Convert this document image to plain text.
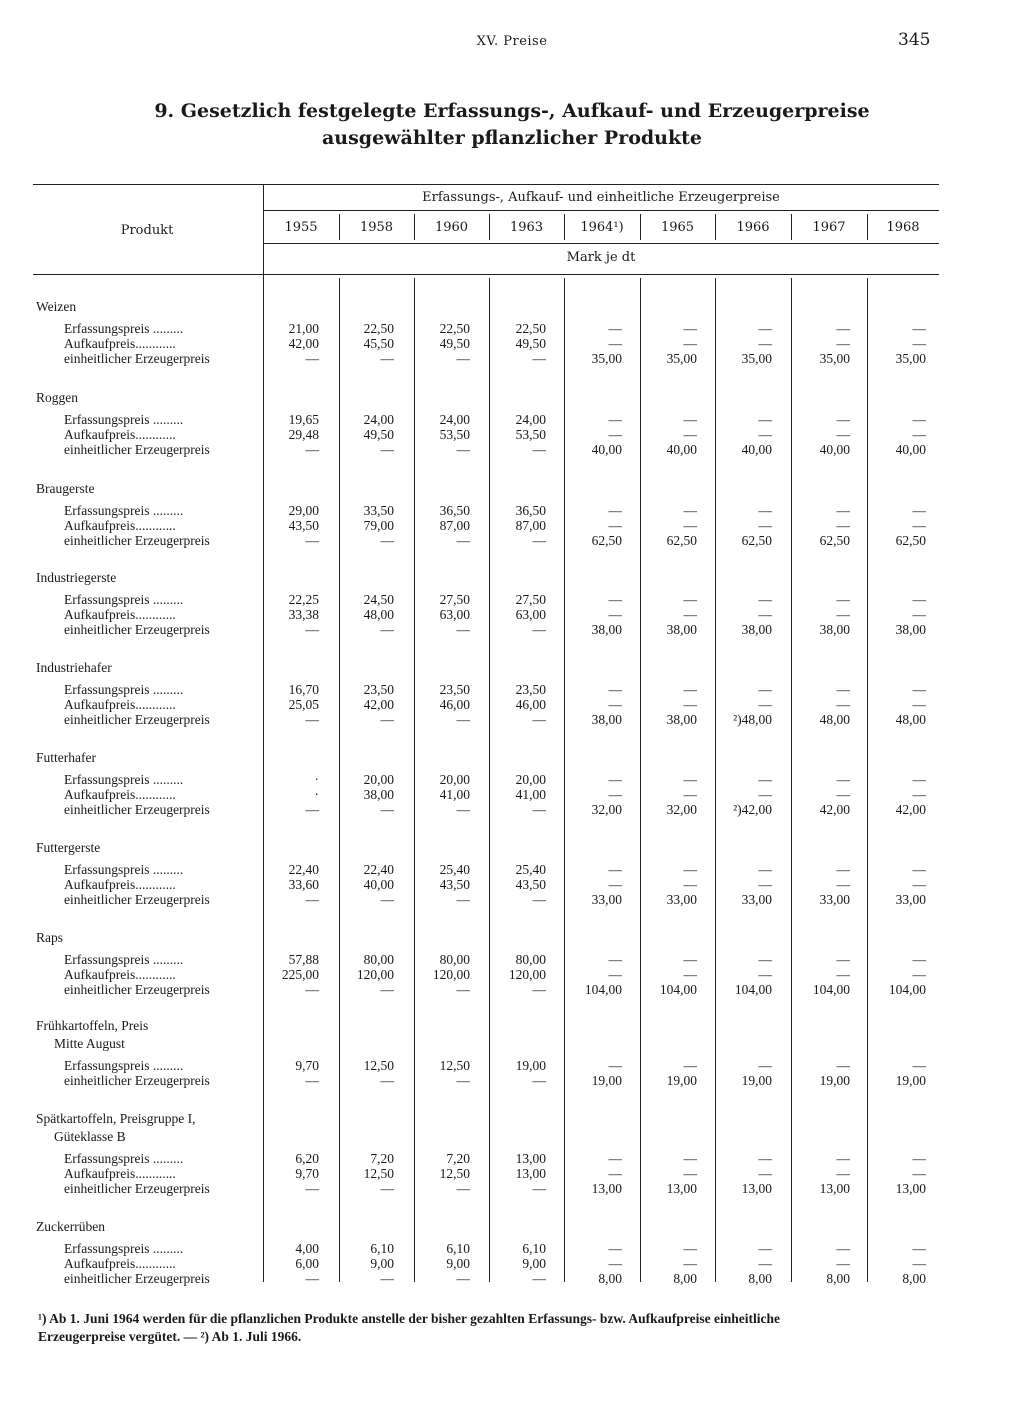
XV. Preise	345
9. Gesetzlich festgelegte Erfassungs-, Aufkauf- und Erzeugerpreise
ausgewählter pflanzlicher Produkte
Produkt
Erfassungs-, Aufkauf- und einheitliche Erzeugerpreise
Mark je dt
1955	1958	1960	1963	1964¹)	1965	1966	1967	1968
Weizen
Erfassungspreis .........	21,00	22,50	22,50	22,50	—	—	—	—	—
Aufkaufpreis............	42,00	45,50	49,50	49,50	—	—	—	—	—
einheitlicher Erzeugerpreis	—	—	—	—	35,00	35,00	35,00	35,00	35,00
Roggen
Erfassungspreis .........	19,65	24,00	24,00	24,00	—	—	—	—	—
Aufkaufpreis............	29,48	49,50	53,50	53,50	—	—	—	—	—
einheitlicher Erzeugerpreis	—	—	—	—	40,00	40,00	40,00	40,00	40,00
Braugerste
Erfassungspreis .........	29,00	33,50	36,50	36,50	—	—	—	—	—
Aufkaufpreis............	43,50	79,00	87,00	87,00	—	—	—	—	—
einheitlicher Erzeugerpreis	—	—	—	—	62,50	62,50	62,50	62,50	62,50
Industriegerste
Erfassungspreis .........	22,25	24,50	27,50	27,50	—	—	—	—	—
Aufkaufpreis............	33,38	48,00	63,00	63,00	—	—	—	—	—
einheitlicher Erzeugerpreis	—	—	—	—	38,00	38,00	38,00	38,00	38,00
Industriehafer
Erfassungspreis .........	16,70	23,50	23,50	23,50	—	—	—	—	—
Aufkaufpreis............	25,05	42,00	46,00	46,00	—	—	—	—	—
einheitlicher Erzeugerpreis	—	—	—	—	38,00	38,00	²)48,00	48,00	48,00
Futterhafer
Erfassungspreis .........	·	20,00	20,00	20,00	—	—	—	—	—
Aufkaufpreis............	·	38,00	41,00	41,00	—	—	—	—	—
einheitlicher Erzeugerpreis	—	—	—	—	32,00	32,00	²)42,00	42,00	42,00
Futtergerste
Erfassungspreis .........	22,40	22,40	25,40	25,40	—	—	—	—	—
Aufkaufpreis............	33,60	40,00	43,50	43,50	—	—	—	—	—
einheitlicher Erzeugerpreis	—	—	—	—	33,00	33,00	33,00	33,00	33,00
Raps
Erfassungspreis .........	57,88	80,00	80,00	80,00	—	—	—	—	—
Aufkaufpreis............	225,00	120,00	120,00	120,00	—	—	—	—	—
einheitlicher Erzeugerpreis	—	—	—	—	104,00	104,00	104,00	104,00	104,00
Frühkartoffeln, Preis
Mitte August
Erfassungspreis .........	9,70	12,50	12,50	19,00	—	—	—	—	—
einheitlicher Erzeugerpreis	—	—	—	—	19,00	19,00	19,00	19,00	19,00
Spätkartoffeln, Preisgruppe I,
Güteklasse B
Erfassungspreis .........	6,20	7,20	7,20	13,00	—	—	—	—	—
Aufkaufpreis............	9,70	12,50	12,50	13,00	—	—	—	—	—
einheitlicher Erzeugerpreis	—	—	—	—	13,00	13,00	13,00	13,00	13,00
Zuckerrüben
Erfassungspreis .........	4,00	6,10	6,10	6,10	—	—	—	—	—
Aufkaufpreis............	6,00	9,00	9,00	9,00	—	—	—	—	—
einheitlicher Erzeugerpreis	—	—	—	—	8,00	8,00	8,00	8,00	8,00
¹) Ab 1. Juni 1964 werden für die pflanzlichen Produkte anstelle der bisher gezahlten Erfassungs- bzw. Aufkaufpreise einheitliche
Erzeugerpreise vergütet. — ²) Ab 1. Juli 1966.
